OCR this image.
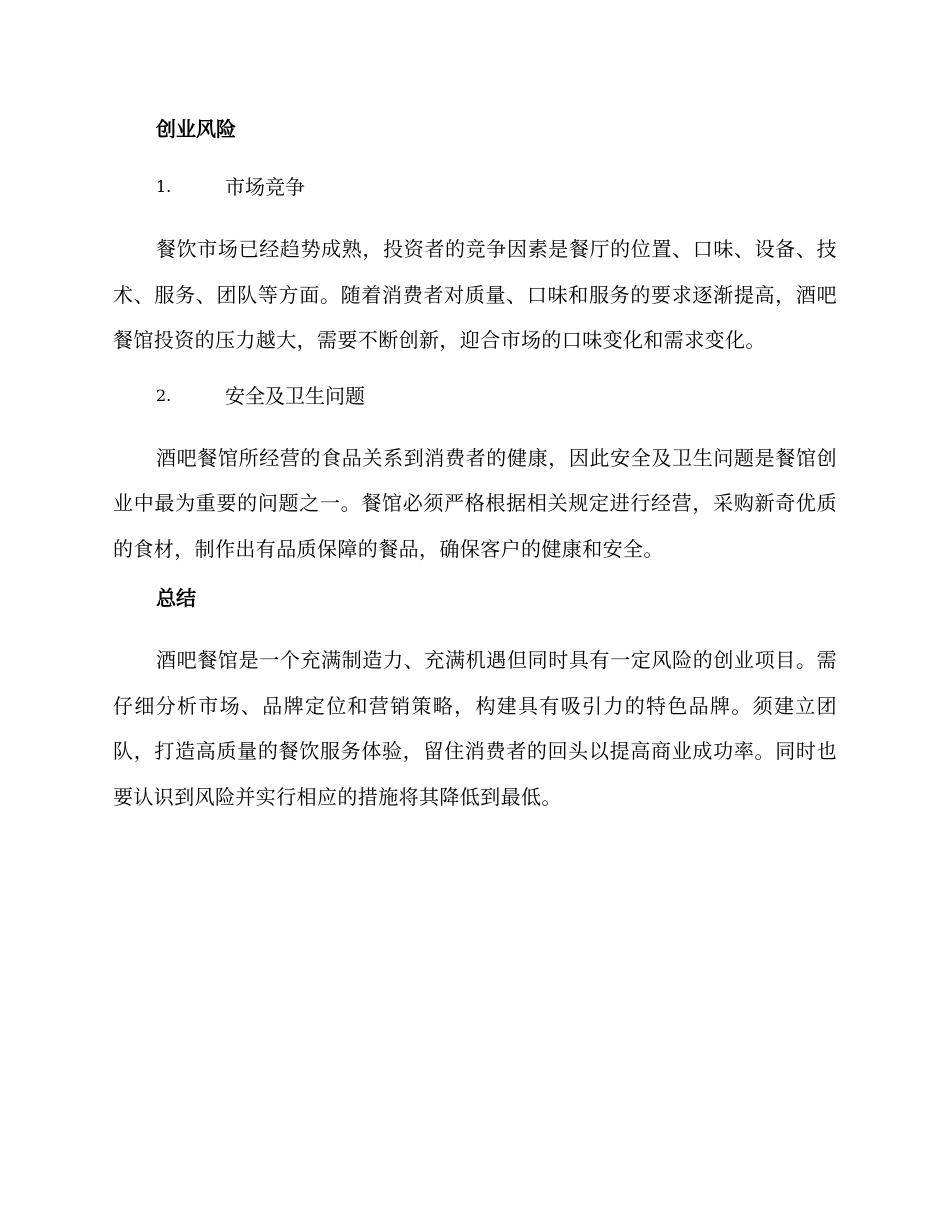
创业风险
1.	市场竞争

餐饮市场已经趋势成熟，投资者的竞争因素是餐厅的位置、口味、设备、技术、服务、团队等方面。随着消费者对质量、口味和服务的要求逐渐提高，酒吧餐馆投资的压力越大，需要不断创新，迎合市场的口味变化和需求变化。

2.	安全及卫生问题

酒吧餐馆所经营的食品关系到消费者的健康，因此安全及卫生问题是餐馆创业中最为重要的问题之一。餐馆必须严格根据相关规定进行经营，采购新奇优质的食材，制作出有品质保障的餐品，确保客户的健康和安全。

总结

酒吧餐馆是一个充满制造力、充满机遇但同时具有一定风险的创业项目。需仔细分析市场、品牌定位和营销策略，构建具有吸引力的特色品牌。须建立团队，打造高质量的餐饮服务体验，留住消费者的回头以提高商业成功率。同时也要认识到风险并实行相应的措施将其降低到最低。
